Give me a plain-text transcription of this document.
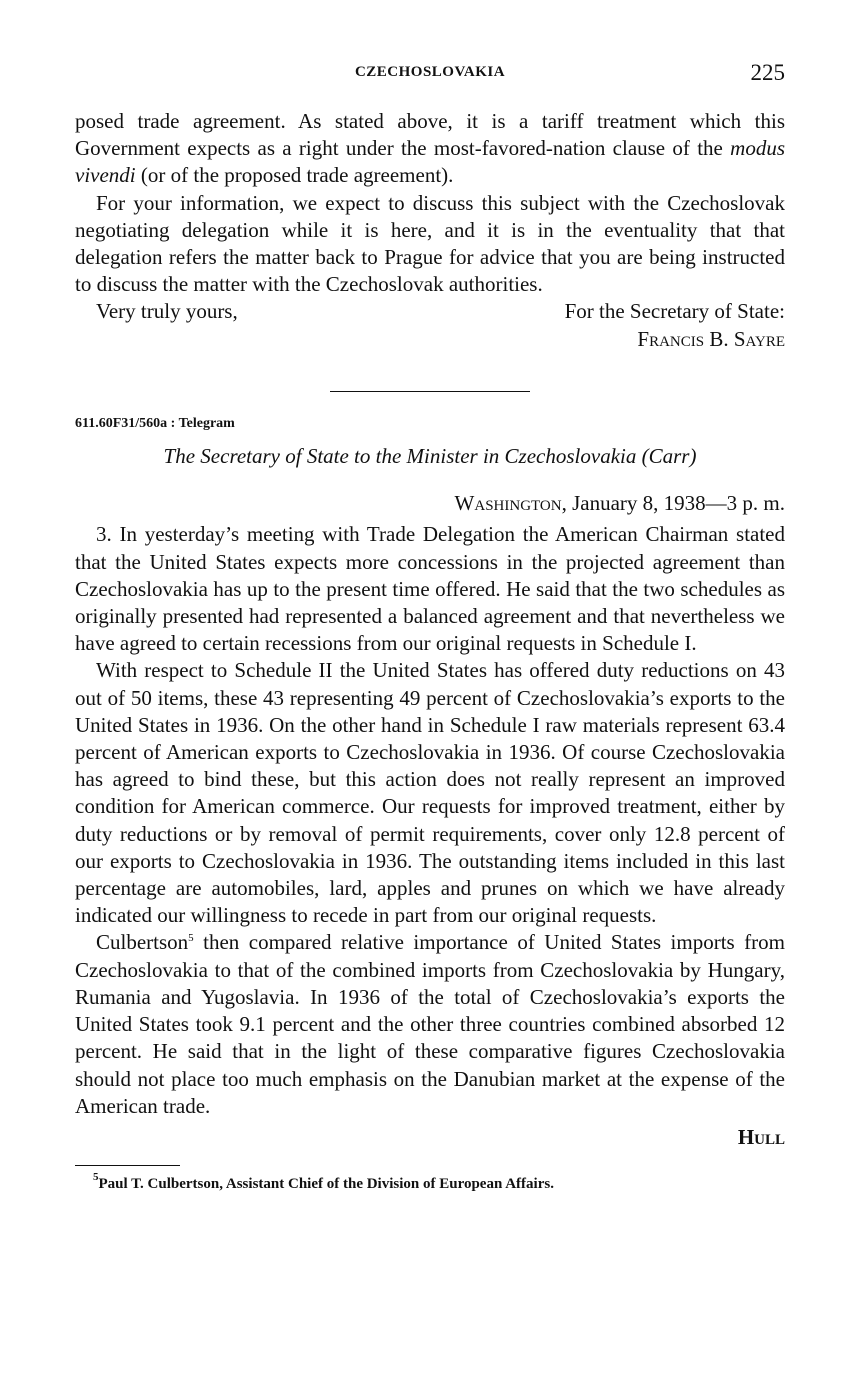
CZECHOSLOVAKIA	225

posed trade agreement. As stated above, it is a tariff treatment which this Government expects as a right under the most-favored-nation clause of the modus vivendi (or of the proposed trade agreement).

For your information, we expect to discuss this subject with the Czechoslovak negotiating delegation while it is here, and it is in the eventuality that that delegation refers the matter back to Prague for advice that you are being instructed to discuss the matter with the Czechoslovak authorities.

Very truly yours,	For the Secretary of State:
Francis B. Sayre

611.60F31/560a : Telegram

The Secretary of State to the Minister in Czechoslovakia (Carr)
Washington, January 8, 1938—3 p. m.

3. In yesterday’s meeting with Trade Delegation the American Chairman stated that the United States expects more concessions in the projected agreement than Czechoslovakia has up to the present time offered. He said that the two schedules as originally presented had represented a balanced agreement and that nevertheless we have agreed to certain recessions from our original requests in Schedule I.

With respect to Schedule II the United States has offered duty reductions on 43 out of 50 items, these 43 representing 49 percent of Czechoslovakia’s exports to the United States in 1936. On the other hand in Schedule I raw materials represent 63.4 percent of American exports to Czechoslovakia in 1936. Of course Czechoslovakia has agreed to bind these, but this action does not really represent an improved condition for American commerce. Our requests for improved treatment, either by duty reductions or by removal of permit requirements, cover only 12.8 percent of our exports to Czechoslovakia in 1936. The outstanding items included in this last percentage are automobiles, lard, apples and prunes on which we have already indicated our willingness to recede in part from our original requests.

Culbertson$^5$ then compared relative importance of United States imports from Czechoslovakia to that of the combined imports from Czechoslovakia by Hungary, Rumania and Yugoslavia. In 1936 of the total of Czechoslovakia’s exports the United States took 9.1 percent and the other three countries combined absorbed 12 percent. He said that in the light of these comparative figures Czechoslovakia should not place too much emphasis on the Danubian market at the expense of the American trade.

Hull
$^5$Paul T. Culbertson, Assistant Chief of the Division of European Affairs.
